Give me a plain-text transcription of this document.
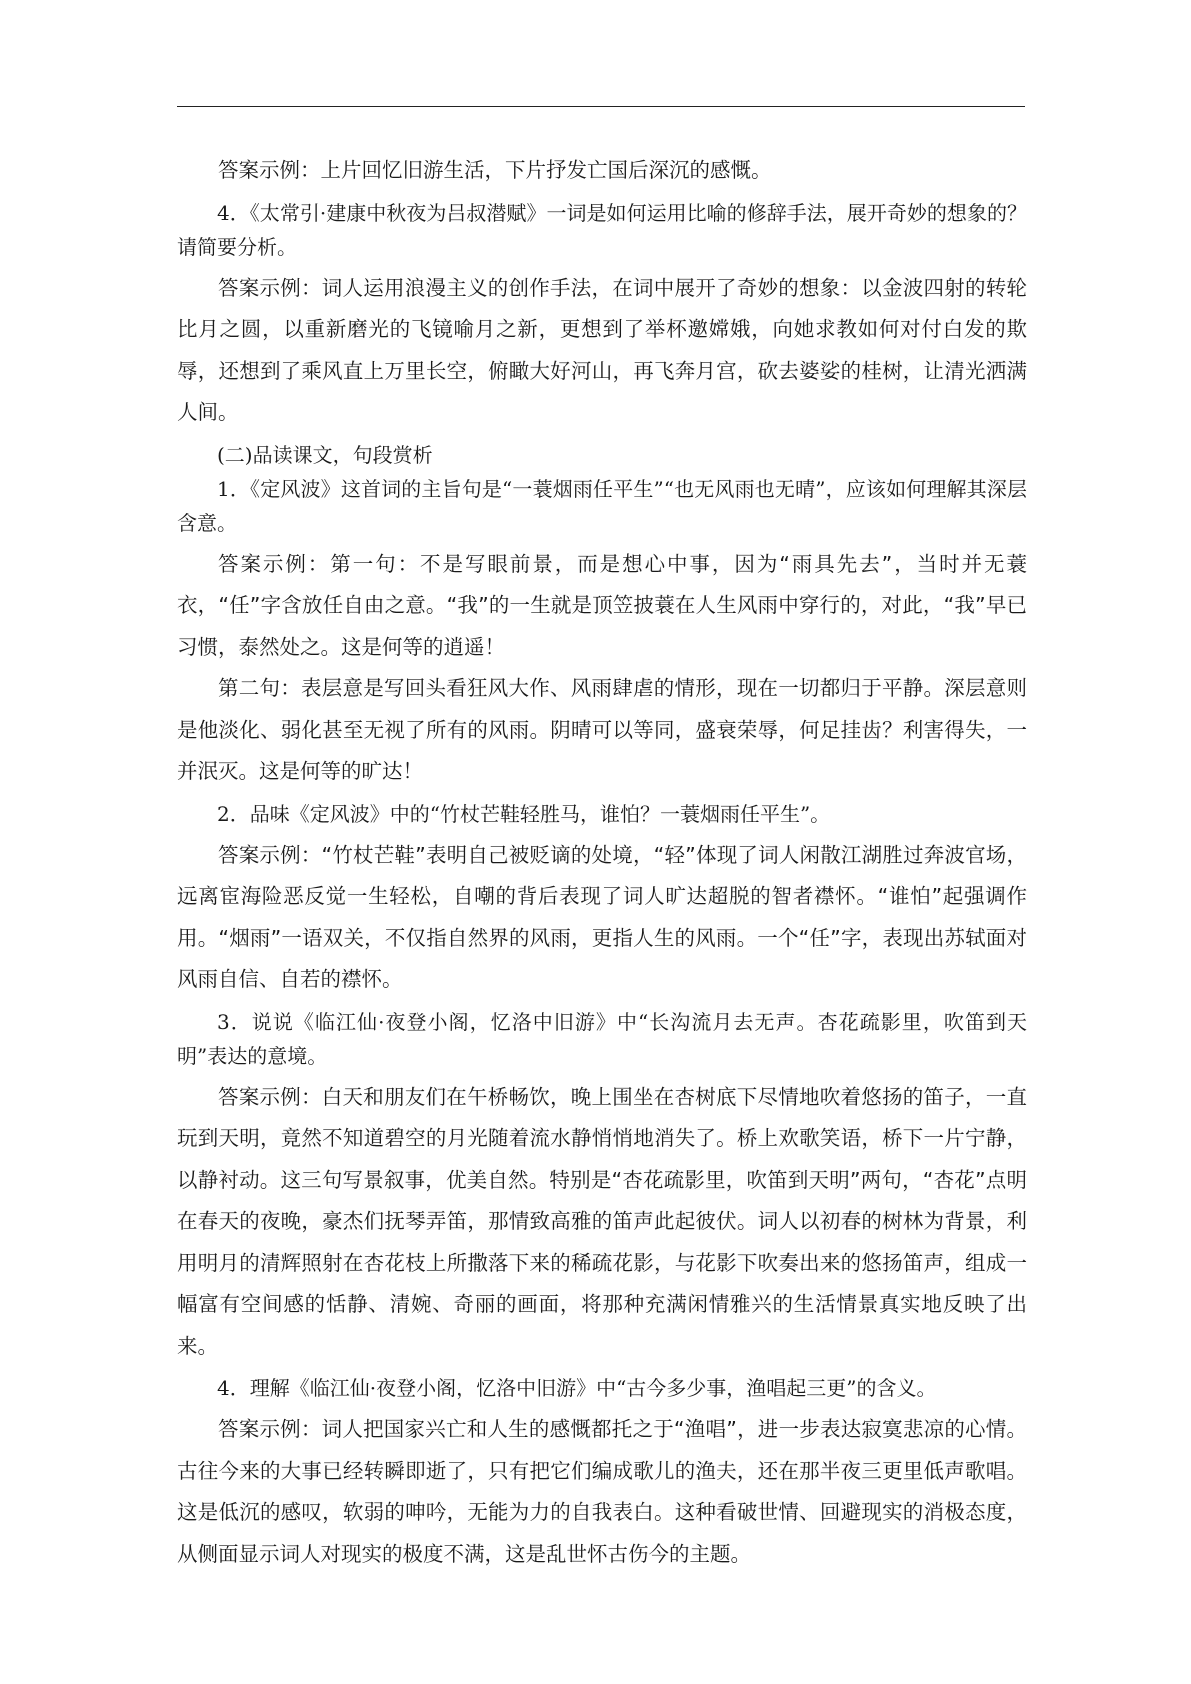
答案示例：上片回忆旧游生活，下片抒发亡国后深沉的感慨。

4．《太常引·建康中秋夜为吕叔潜赋》一词是如何运用比喻的修辞手法，展开奇妙的想象的？请简要分析。

答案示例：词人运用浪漫主义的创作手法，在词中展开了奇妙的想象：以金波四射的转轮比月之圆，以重新磨光的飞镜喻月之新，更想到了举杯邀嫦娥，向她求教如何对付白发的欺辱，还想到了乘风直上万里长空，俯瞰大好河山，再飞奔月宫，砍去婆娑的桂树，让清光洒满人间。

(二)品读课文，句段赏析

1．《定风波》这首词的主旨句是“一蓑烟雨任平生”“也无风雨也无晴”，应该如何理解其深层含意。

答案示例：第一句：不是写眼前景，而是想心中事，因为“雨具先去”，当时并无蓑衣，“任”字含放任自由之意。“我”的一生就是顶笠披蓑在人生风雨中穿行的，对此，“我”早已习惯，泰然处之。这是何等的逍遥！

第二句：表层意是写回头看狂风大作、风雨肆虐的情形，现在一切都归于平静。深层意则是他淡化、弱化甚至无视了所有的风雨。阴晴可以等同，盛衰荣辱，何足挂齿？利害得失，一并泯灭。这是何等的旷达！

2．品味《定风波》中的“竹杖芒鞋轻胜马，谁怕？一蓑烟雨任平生”。

答案示例：“竹杖芒鞋”表明自己被贬谪的处境，“轻”体现了词人闲散江湖胜过奔波官场，远离宦海险恶反觉一生轻松，自嘲的背后表现了词人旷达超脱的智者襟怀。“谁怕”起强调作用。“烟雨”一语双关，不仅指自然界的风雨，更指人生的风雨。一个“任”字，表现出苏轼面对风雨自信、自若的襟怀。

3．说说《临江仙·夜登小阁，忆洛中旧游》中“长沟流月去无声。杏花疏影里，吹笛到天明”表达的意境。

答案示例：白天和朋友们在午桥畅饮，晚上围坐在杏树底下尽情地吹着悠扬的笛子，一直玩到天明，竟然不知道碧空的月光随着流水静悄悄地消失了。桥上欢歌笑语，桥下一片宁静，以静衬动。这三句写景叙事，优美自然。特别是“杏花疏影里，吹笛到天明”两句，“杏花”点明在春天的夜晚，豪杰们抚琴弄笛，那情致高雅的笛声此起彼伏。词人以初春的树林为背景，利用明月的清辉照射在杏花枝上所撒落下来的稀疏花影，与花影下吹奏出来的悠扬笛声，组成一幅富有空间感的恬静、清婉、奇丽的画面，将那种充满闲情雅兴的生活情景真实地反映了出来。

4．理解《临江仙·夜登小阁，忆洛中旧游》中“古今多少事，渔唱起三更”的含义。

答案示例：词人把国家兴亡和人生的感慨都托之于“渔唱”，进一步表达寂寞悲凉的心情。古往今来的大事已经转瞬即逝了，只有把它们编成歌儿的渔夫，还在那半夜三更里低声歌唱。这是低沉的感叹，软弱的呻吟，无能为力的自我表白。这种看破世情、回避现实的消极态度，从侧面显示词人对现实的极度不满，这是乱世怀古伤今的主题。
